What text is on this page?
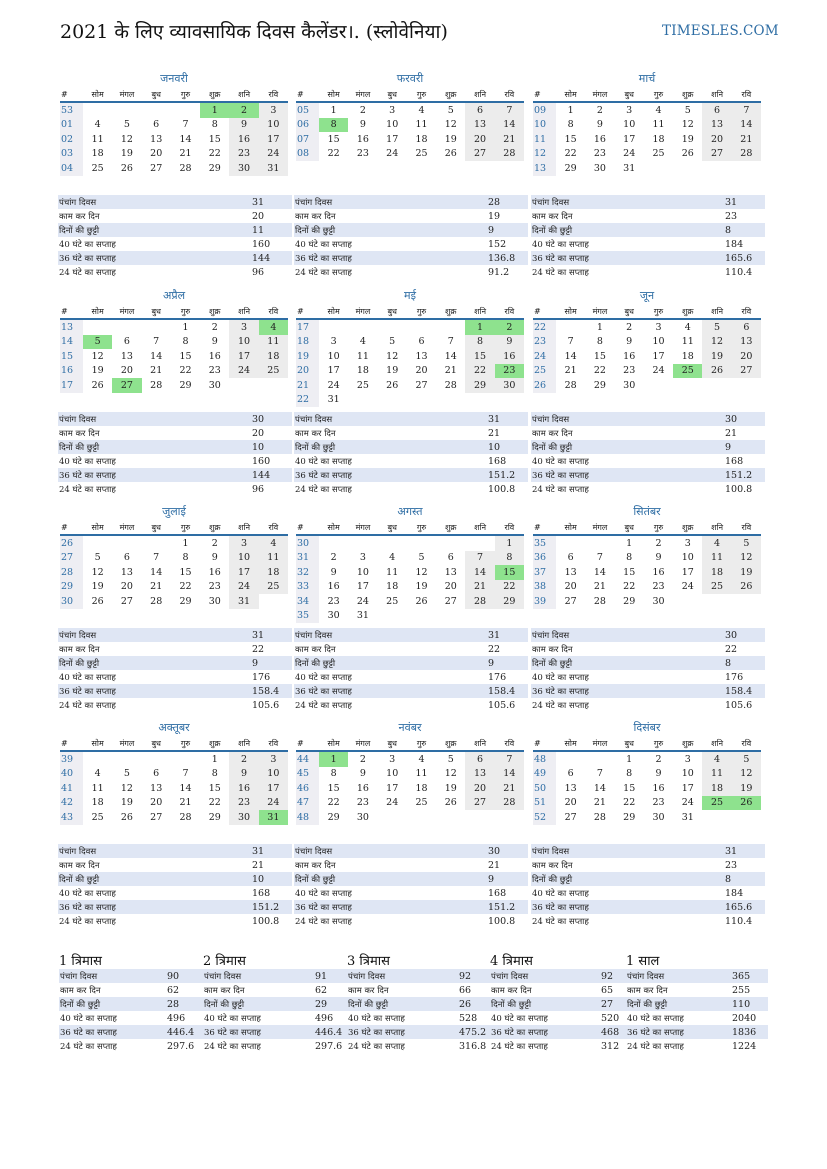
2021 के लिए व्यावसायिक दिवस कैलेंडर।. (स्लोवेनिया)	TIMESLES.COM
जनवरी
#	सोम	मंगल	बुध	गुरु	शुक्र	शनि	रवि
53					1	2	3
01	4	5	6	7	8	9	10
02	11	12	13	14	15	16	17
03	18	19	20	21	22	23	24
04	25	26	27	28	29	30	31
पंचांग दिवस	31
काम कर दिन	20
दिनों की छुट्टी	11
40 घंटे का सप्ताह	160
36 घंटे का सप्ताह	144
24 घंटे का सप्ताह	96
फरवरी
#	सोम	मंगल	बुध	गुरु	शुक्र	शनि	रवि
05	1	2	3	4	5	6	7
06	8	9	10	11	12	13	14
07	15	16	17	18	19	20	21
08	22	23	24	25	26	27	28
पंचांग दिवस	28
काम कर दिन	19
दिनों की छुट्टी	9
40 घंटे का सप्ताह	152
36 घंटे का सप्ताह	136.8
24 घंटे का सप्ताह	91.2
मार्च
#	सोम	मंगल	बुध	गुरु	शुक्र	शनि	रवि
09	1	2	3	4	5	6	7
10	8	9	10	11	12	13	14
11	15	16	17	18	19	20	21
12	22	23	24	25	26	27	28
13	29	30	31				
पंचांग दिवस	31
काम कर दिन	23
दिनों की छुट्टी	8
40 घंटे का सप्ताह	184
36 घंटे का सप्ताह	165.6
24 घंटे का सप्ताह	110.4
अप्रैल
#	सोम	मंगल	बुध	गुरु	शुक्र	शनि	रवि
13				1	2	3	4
14	5	6	7	8	9	10	11
15	12	13	14	15	16	17	18
16	19	20	21	22	23	24	25
17	26	27	28	29	30		
पंचांग दिवस	30
काम कर दिन	20
दिनों की छुट्टी	10
40 घंटे का सप्ताह	160
36 घंटे का सप्ताह	144
24 घंटे का सप्ताह	96
मई
#	सोम	मंगल	बुध	गुरु	शुक्र	शनि	रवि
17						1	2
18	3	4	5	6	7	8	9
19	10	11	12	13	14	15	16
20	17	18	19	20	21	22	23
21	24	25	26	27	28	29	30
22	31						
पंचांग दिवस	31
काम कर दिन	21
दिनों की छुट्टी	10
40 घंटे का सप्ताह	168
36 घंटे का सप्ताह	151.2
24 घंटे का सप्ताह	100.8
जून
#	सोम	मंगल	बुध	गुरु	शुक्र	शनि	रवि
22		1	2	3	4	5	6
23	7	8	9	10	11	12	13
24	14	15	16	17	18	19	20
25	21	22	23	24	25	26	27
26	28	29	30				
पंचांग दिवस	30
काम कर दिन	21
दिनों की छुट्टी	9
40 घंटे का सप्ताह	168
36 घंटे का सप्ताह	151.2
24 घंटे का सप्ताह	100.8
जुलाई
#	सोम	मंगल	बुध	गुरु	शुक्र	शनि	रवि
26				1	2	3	4
27	5	6	7	8	9	10	11
28	12	13	14	15	16	17	18
29	19	20	21	22	23	24	25
30	26	27	28	29	30	31	
पंचांग दिवस	31
काम कर दिन	22
दिनों की छुट्टी	9
40 घंटे का सप्ताह	176
36 घंटे का सप्ताह	158.4
24 घंटे का सप्ताह	105.6
अगस्त
#	सोम	मंगल	बुध	गुरु	शुक्र	शनि	रवि
30							1
31	2	3	4	5	6	7	8
32	9	10	11	12	13	14	15
33	16	17	18	19	20	21	22
34	23	24	25	26	27	28	29
35	30	31					
पंचांग दिवस	31
काम कर दिन	22
दिनों की छुट्टी	9
40 घंटे का सप्ताह	176
36 घंटे का सप्ताह	158.4
24 घंटे का सप्ताह	105.6
सितंबर
#	सोम	मंगल	बुध	गुरु	शुक्र	शनि	रवि
35			1	2	3	4	5
36	6	7	8	9	10	11	12
37	13	14	15	16	17	18	19
38	20	21	22	23	24	25	26
39	27	28	29	30			
पंचांग दिवस	30
काम कर दिन	22
दिनों की छुट्टी	8
40 घंटे का सप्ताह	176
36 घंटे का सप्ताह	158.4
24 घंटे का सप्ताह	105.6
अक्तूबर
#	सोम	मंगल	बुध	गुरु	शुक्र	शनि	रवि
39					1	2	3
40	4	5	6	7	8	9	10
41	11	12	13	14	15	16	17
42	18	19	20	21	22	23	24
43	25	26	27	28	29	30	31
पंचांग दिवस	31
काम कर दिन	21
दिनों की छुट्टी	10
40 घंटे का सप्ताह	168
36 घंटे का सप्ताह	151.2
24 घंटे का सप्ताह	100.8
नवंबर
#	सोम	मंगल	बुध	गुरु	शुक्र	शनि	रवि
44	1	2	3	4	5	6	7
45	8	9	10	11	12	13	14
46	15	16	17	18	19	20	21
47	22	23	24	25	26	27	28
48	29	30					
पंचांग दिवस	30
काम कर दिन	21
दिनों की छुट्टी	9
40 घंटे का सप्ताह	168
36 घंटे का सप्ताह	151.2
24 घंटे का सप्ताह	100.8
दिसंबर
#	सोम	मंगल	बुध	गुरु	शुक्र	शनि	रवि
48			1	2	3	4	5
49	6	7	8	9	10	11	12
50	13	14	15	16	17	18	19
51	20	21	22	23	24	25	26
52	27	28	29	30	31		
पंचांग दिवस	31
काम कर दिन	23
दिनों की छुट्टी	8
40 घंटे का सप्ताह	184
36 घंटे का सप्ताह	165.6
24 घंटे का सप्ताह	110.4
1 त्रिमास
पंचांग दिवस	90
काम कर दिन	62
दिनों की छुट्टी	28
40 घंटे का सप्ताह	496
36 घंटे का सप्ताह	446.4
24 घंटे का सप्ताह	297.6
2 त्रिमास
पंचांग दिवस	91
काम कर दिन	62
दिनों की छुट्टी	29
40 घंटे का सप्ताह	496
36 घंटे का सप्ताह	446.4
24 घंटे का सप्ताह	297.6
3 त्रिमास
पंचांग दिवस	92
काम कर दिन	66
दिनों की छुट्टी	26
40 घंटे का सप्ताह	528
36 घंटे का सप्ताह	475.2
24 घंटे का सप्ताह	316.8
4 त्रिमास
पंचांग दिवस	92
काम कर दिन	65
दिनों की छुट्टी	27
40 घंटे का सप्ताह	520
36 घंटे का सप्ताह	468
24 घंटे का सप्ताह	312
1 साल
पंचांग दिवस	365
काम कर दिन	255
दिनों की छुट्टी	110
40 घंटे का सप्ताह	2040
36 घंटे का सप्ताह	1836
24 घंटे का सप्ताह	1224
